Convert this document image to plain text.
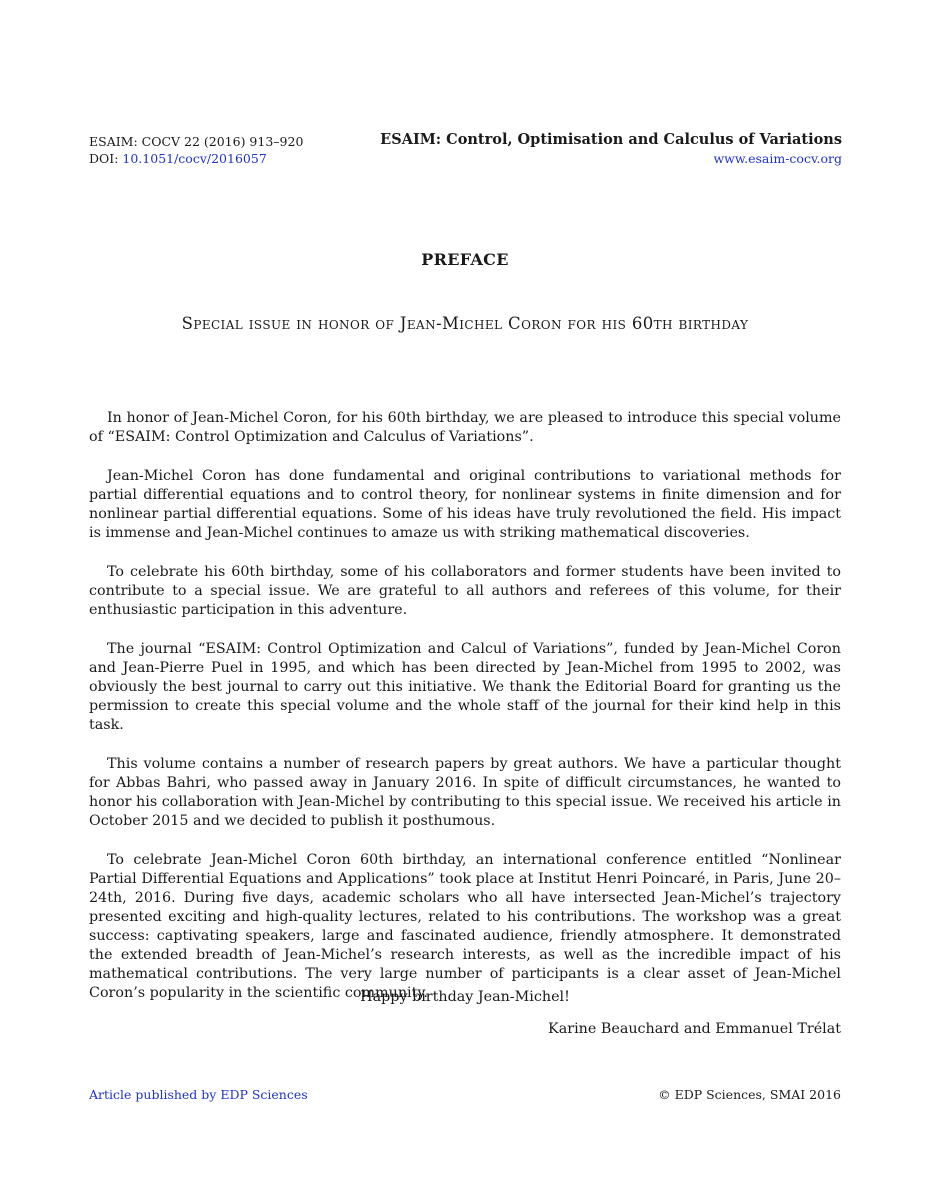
ESAIM: COCV 22 (2016) 913–920
DOI: 10.1051/cocv/2016057
ESAIM: Control, Optimisation and Calculus of Variations
www.esaim-cocv.org
PREFACE
Special issue in honor of Jean-Michel Coron for his 60th birthday

In honor of Jean-Michel Coron, for his 60th birthday, we are pleased to introduce this special volume of “ESAIM: Control Optimization and Calculus of Variations”.

Jean-Michel Coron has done fundamental and original contributions to variational methods for partial differential equations and to control theory, for nonlinear systems in finite dimension and for nonlinear partial differential equations. Some of his ideas have truly revolutioned the field. His impact is immense and Jean-Michel continues to amaze us with striking mathematical discoveries.

To celebrate his 60th birthday, some of his collaborators and former students have been invited to contribute to a special issue. We are grateful to all authors and referees of this volume, for their enthusiastic participation in this adventure.

The journal “ESAIM: Control Optimization and Calcul of Variations”, funded by Jean-Michel Coron and Jean-Pierre Puel in 1995, and which has been directed by Jean-Michel from 1995 to 2002, was obviously the best journal to carry out this initiative. We thank the Editorial Board for granting us the permission to create this special volume and the whole staff of the journal for their kind help in this task.

This volume contains a number of research papers by great authors. We have a particular thought for Abbas Bahri, who passed away in January 2016. In spite of difficult circumstances, he wanted to honor his collaboration with Jean-Michel by contributing to this special issue. We received his article in October 2015 and we decided to publish it posthumous.

To celebrate Jean-Michel Coron 60th birthday, an international conference entitled “Nonlinear Partial Differential Equations and Applications” took place at Institut Henri Poincaré, in Paris, June 20–24th, 2016. During five days, academic scholars who all have intersected Jean-Michel’s trajectory presented exciting and high-quality lectures, related to his contributions. The workshop was a great success: captivating speakers, large and fascinated audience, friendly atmosphere. It demonstrated the extended breadth of Jean-Michel’s research interests, as well as the incredible impact of his mathematical contributions. The very large number of participants is a clear asset of Jean-Michel Coron’s popularity in the scientific community.

Happy birthday Jean-Michel!
Karine Beauchard and Emmanuel Trélat
Article published by EDP Sciences	© EDP Sciences, SMAI 2016
